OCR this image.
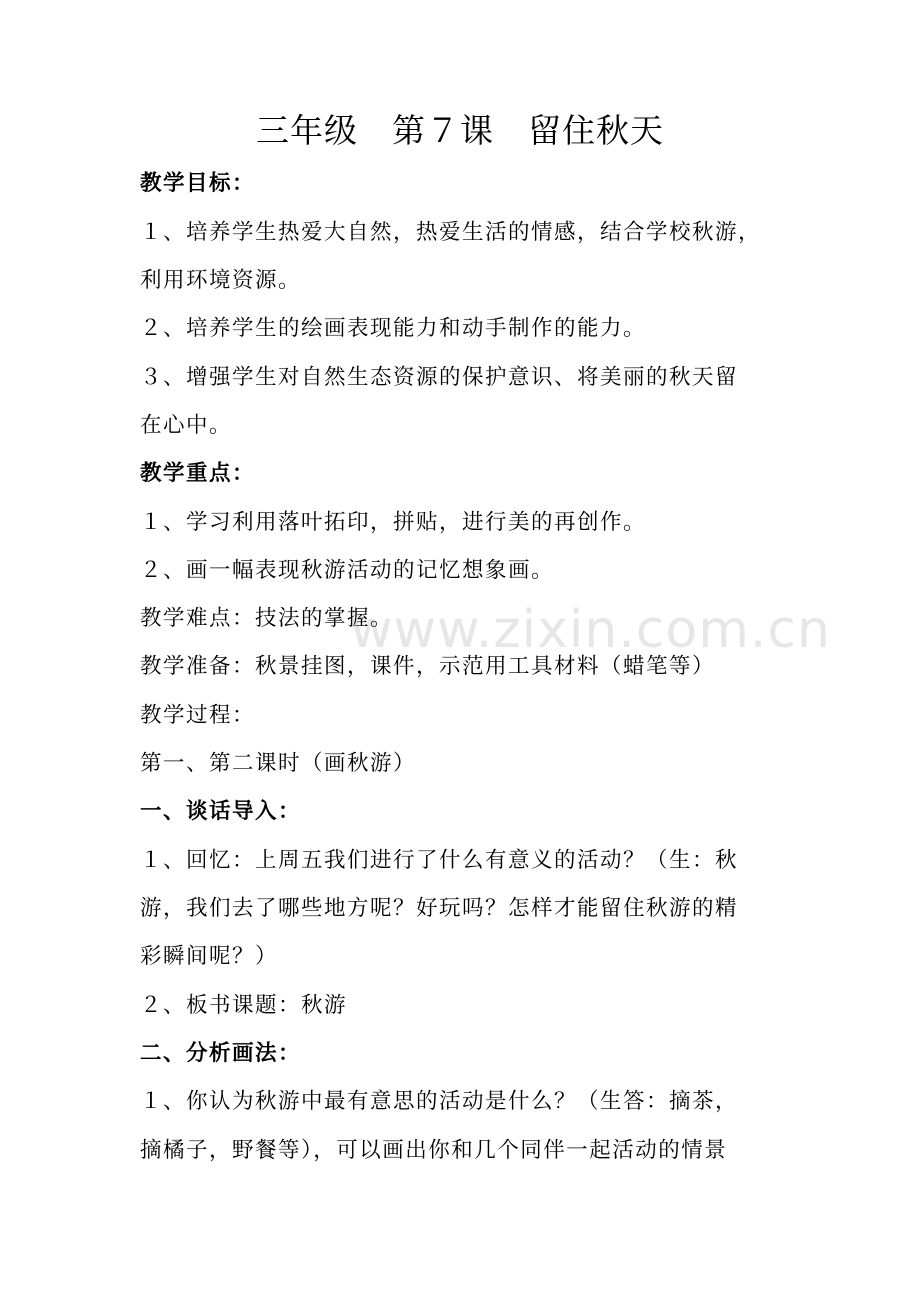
三年级　第７课　留住秋天
www.zixin.com.cn

教学目标：

１、培养学生热爱大自然，热爱生活的情感，结合学校秋游，

利用环境资源。

２、培养学生的绘画表现能力和动手制作的能力。

３、增强学生对自然生态资源的保护意识、将美丽的秋天留

在心中。

教学重点：

１、学习利用落叶拓印，拼贴，进行美的再创作。

２、画一幅表现秋游活动的记忆想象画。

教学难点：技法的掌握。

教学准备：秋景挂图，课件，示范用工具材料（蜡笔等）

教学过程：

第一、第二课时（画秋游）

一、谈话导入：

１、回忆：上周五我们进行了什么有意义的活动？（生：秋

游，我们去了哪些地方呢？好玩吗？怎样才能留住秋游的精

彩瞬间呢？）

２、板书课题：秋游

二、分析画法：

１、你认为秋游中最有意思的活动是什么？（生答：摘茶，

摘橘子，野餐等），可以画出你和几个同伴一起活动的情景
